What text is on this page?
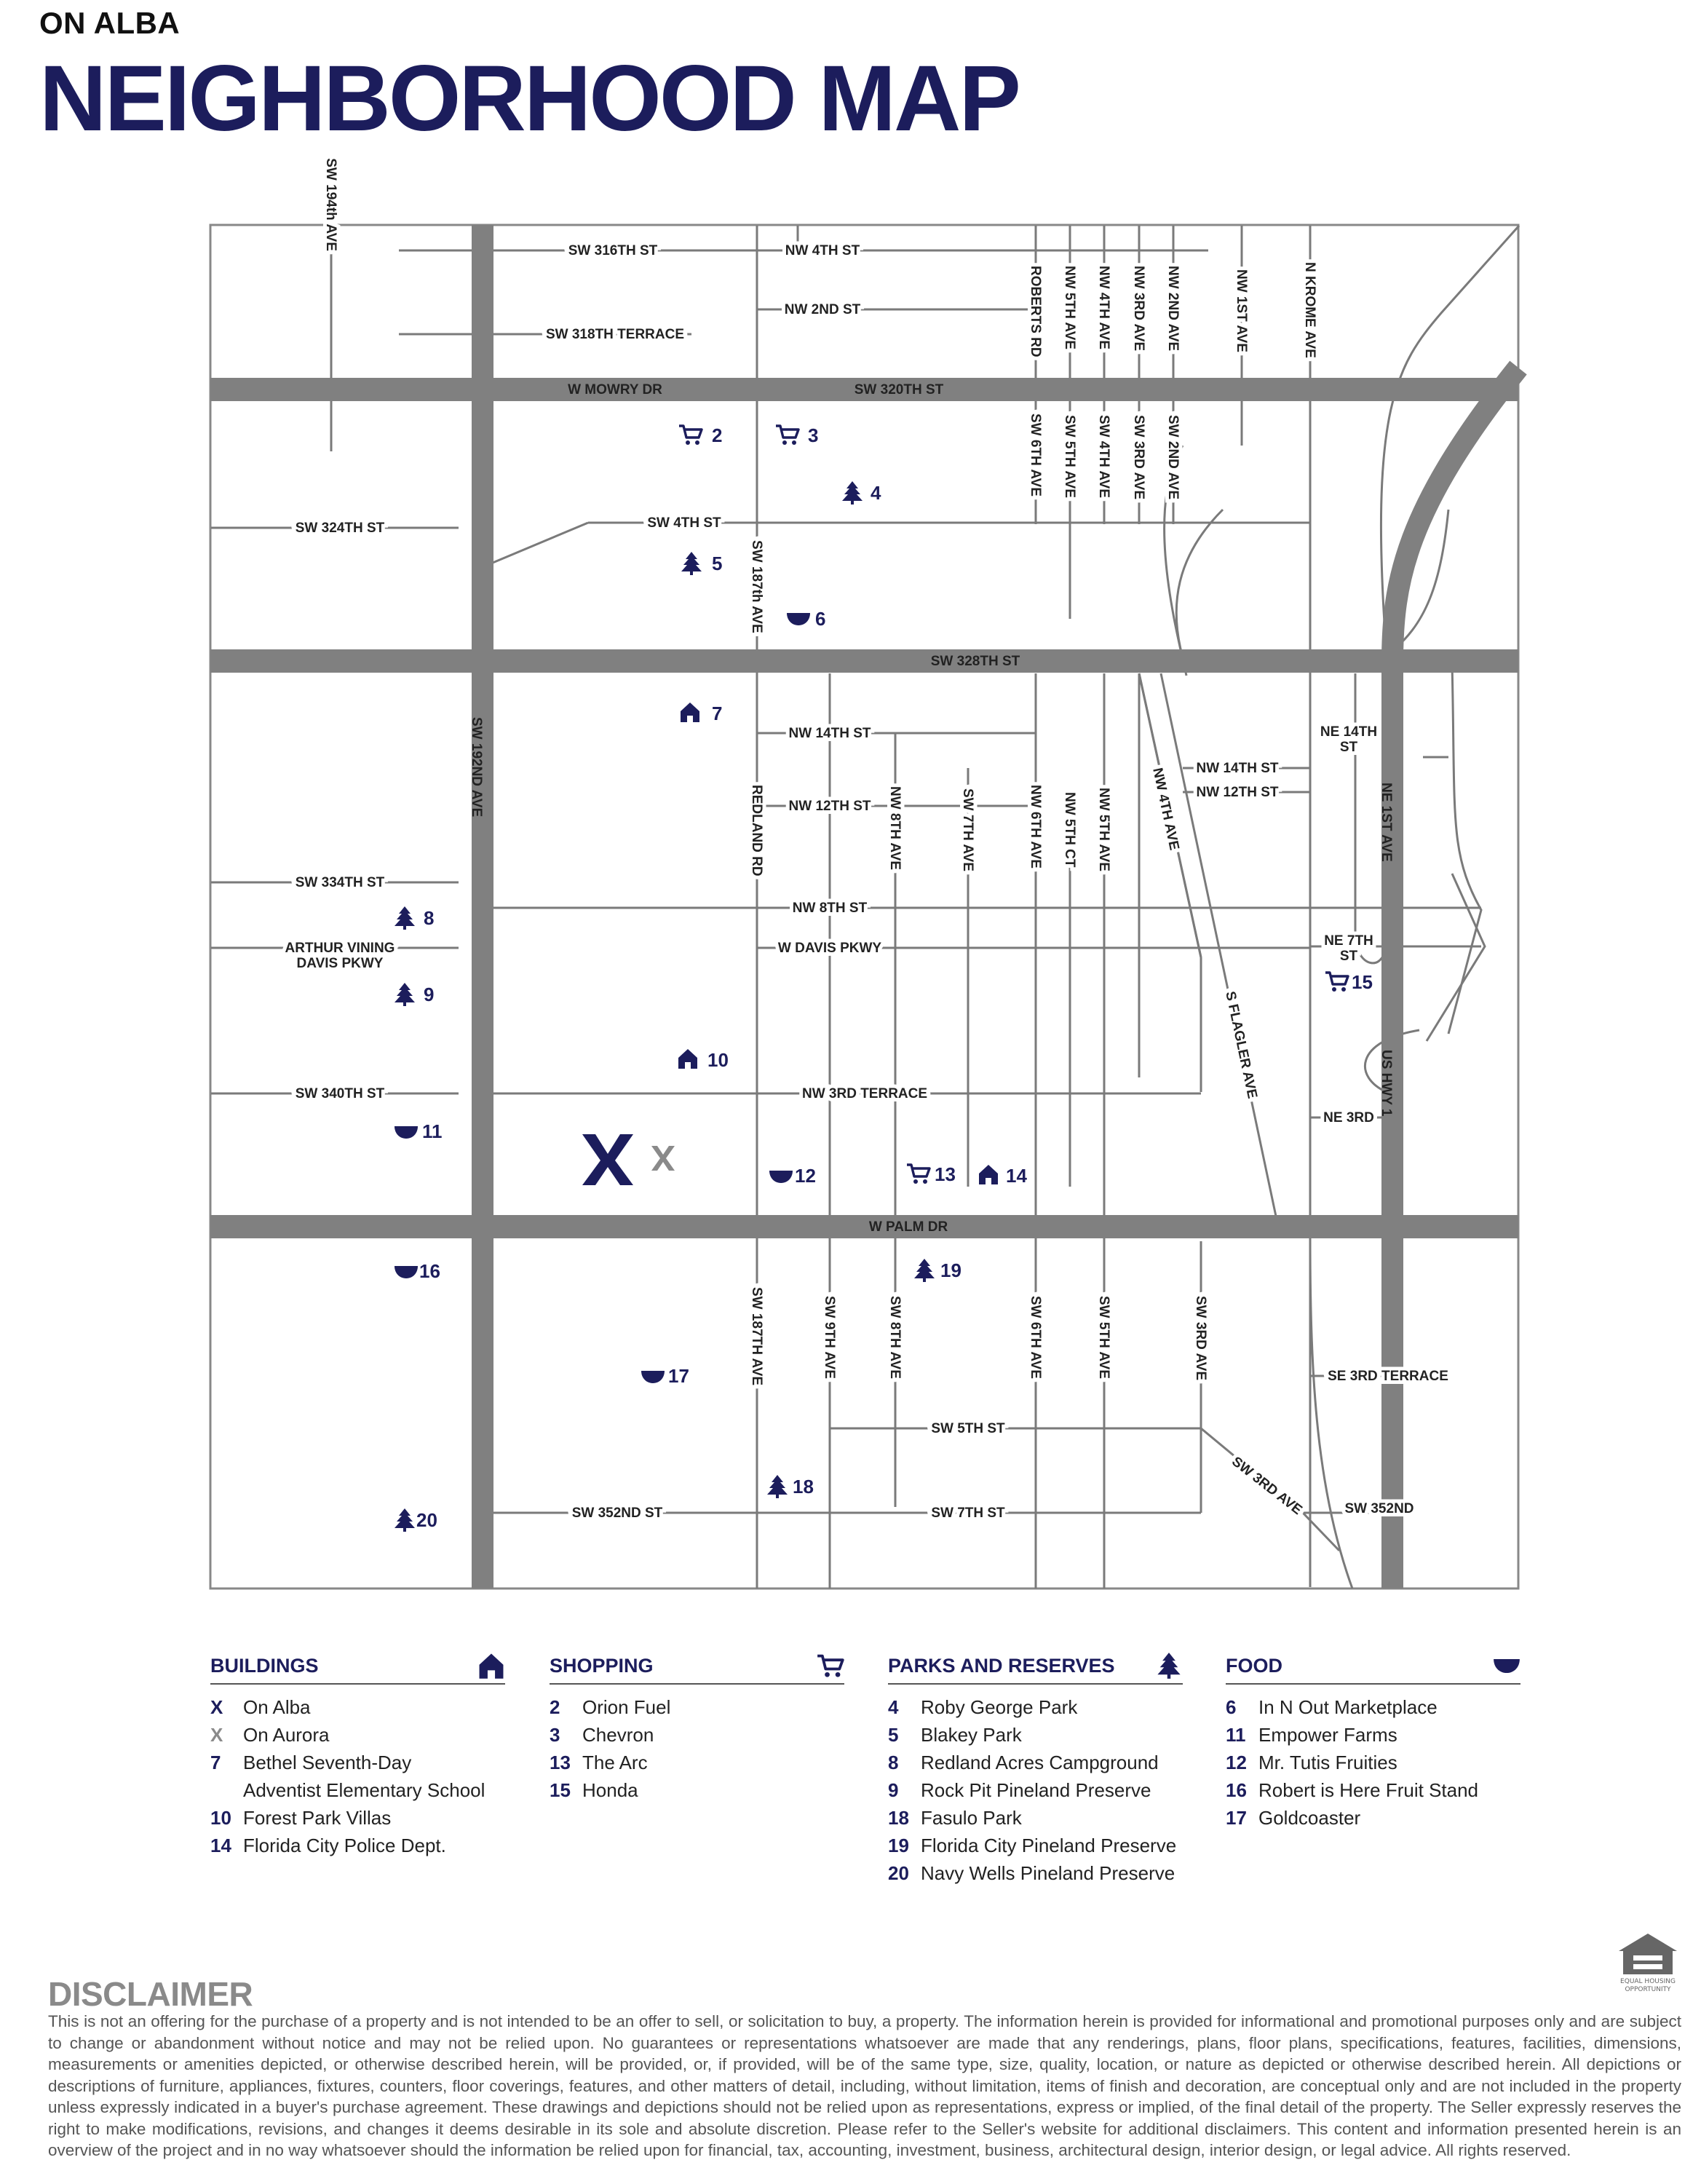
ON ALBA
NEIGHBORHOOD MAP
SW 316TH ST	NW 4TH ST
NW 2ND ST
SW 318TH TERRACE
SW 194th AVE
W MOWRY DR	SW 320TH ST
ROBERTS RD NW 5TH AVE NW 4TH AVE NW 3RD AVE NW 2ND AVE	NW 1ST AVE	N KROME AVE
SW 6TH AVE SW 5TH AVE SW 4TH AVE SW 3RD AVE SW 2ND AVE
SW 324TH ST	SW 4TH ST
SW 187th AVE
SW 328TH ST
SW 192ND AVE	NW 14TH ST
NW 14TH ST
NW 12TH ST
NW 12TH ST
NE 14TH
ST
REDLAND RD	NW 8TH AVE	SW 7TH AVE	NW 6TH AVE NW 5TH CT NW 5TH AVE	NW 4TH AVE	NE 1ST AVE
SW 334TH ST
NW 8TH ST
ARTHUR VINING
DAVIS PKWY
W DAVIS PKWY	NE 7TH
ST
S FLAGLER AVE	US HWY 1
SW 340TH ST	NW 3RD TERRACE
NE 3RD
W PALM DR
SW 187TH AVE	SW 9TH AVE	SW 8TH AVE	SW 6TH AVE	SW 5TH AVE	SW 3RD AVE	SE 3RD TERRACE
SW 5TH ST
SW 3RD AVE	SW 352ND
SW 352ND ST	SW 7TH ST
2	3
4
5
6
7
8
9
10
11
12	13	14
15
16
17
18
19
20
BUILDINGS
X	On Alba
X	On Aurora
7	Bethel Seventh-Day
Adventist Elementary School
10 Forest Park Villas
14 Florida City Police Dept.
SHOPPING
2	Orion Fuel
3	Chevron
13 The Arc
15 Honda
PARKS AND RESERVES
4	Roby George Park
5	Blakey Park
8	Redland Acres Campground
9	Rock Pit Pineland Preserve
18 Fasulo Park
19 Florida City Pineland Preserve
20 Navy Wells Pineland Preserve
FOOD
6	In N Out Marketplace
11 Empower Farms
12 Mr. Tutis Fruities
16 Robert is Here Fruit Stand
17 Goldcoaster
EQUAL HOUSING
OPPORTUNITY
DISCLAIMER
This is not an offering for the purchase of a property and is not intended to be an offer to sell, or solicitation to buy, a property. The information herein is provided for informational and promotional purposes only and are subject to change or abandonment without notice and may not be relied upon. No guarantees or representations whatsoever are made that any renderings, plans, floor plans, specifications, features, facilities, dimensions, measurements or amenities depicted, or otherwise described herein, will be provided, or, if provided, will be of the same type, size, quality, location, or nature as depicted or otherwise described herein. All depictions or descriptions of furniture, appliances, fixtures, counters, floor coverings, features, and other matters of detail, including, without limitation, items of finish and decoration, are conceptual only and are not included in the property unless expressly indicated in a buyer's purchase agreement. These drawings and depictions should not be relied upon as representations, express or implied, of the final detail of the property. The Seller expressly reserves the right to make modifications, revisions, and changes it deems desirable in its sole and absolute discretion. Please refer to the Seller's website for additional disclaimers. This content and information presented herein is an overview of the project and in no way whatsoever should the information be relied upon for financial, tax, accounting, investment, business, architectural design, interior design, or legal advice. All rights reserved.
